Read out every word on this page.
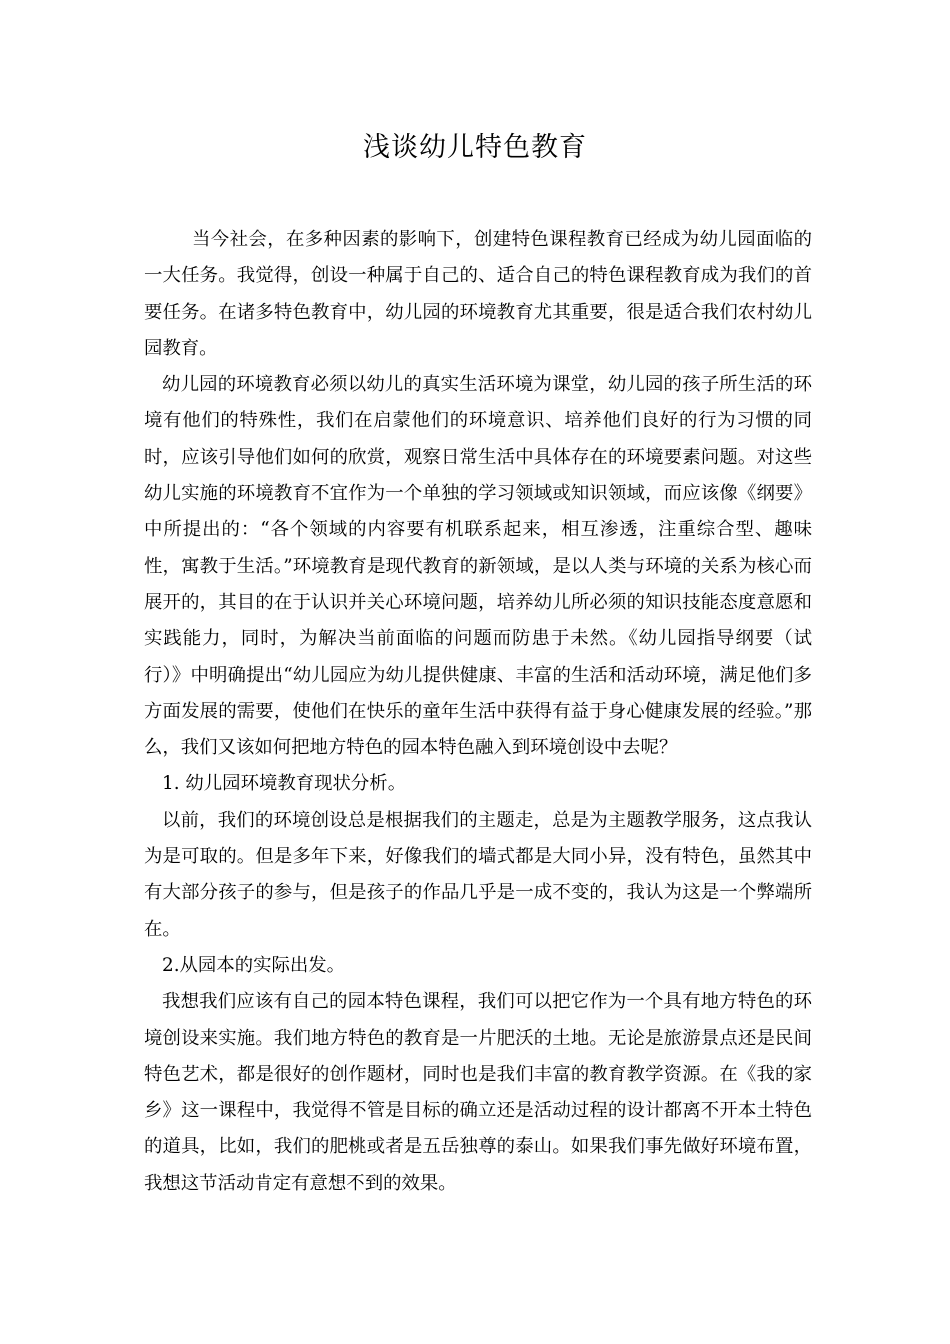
浅谈幼儿特色教育

当今社会，在多种因素的影响下，创建特色课程教育已经成为幼儿园面临的一大任务。我觉得，创设一种属于自己的、适合自己的特色课程教育成为我们的首要任务。在诸多特色教育中，幼儿园的环境教育尤其重要，很是适合我们农村幼儿园教育。

幼儿园的环境教育必须以幼儿的真实生活环境为课堂，幼儿园的孩子所生活的环境有他们的特殊性，我们在启蒙他们的环境意识、培养他们良好的行为习惯的同时，应该引导他们如何的欣赏，观察日常生活中具体存在的环境要素问题。对这些幼儿实施的环境教育不宜作为一个单独的学习领域或知识领域，而应该像《纲要》中所提出的：“各个领域的内容要有机联系起来，相互渗透，注重综合型、趣味性，寓教于生活。”环境教育是现代教育的新领域，是以人类与环境的关系为核心而展开的，其目的在于认识并关心环境问题，培养幼儿所必须的知识技能态度意愿和实践能力，同时，为解决当前面临的问题而防患于未然。《幼儿园指导纲要（试行）》中明确提出“幼儿园应为幼儿提供健康、丰富的生活和活动环境，满足他们多方面发展的需要，使他们在快乐的童年生活中获得有益于身心健康发展的经验。”那么，我们又该如何把地方特色的园本特色融入到环境创设中去呢？

1. 幼儿园环境教育现状分析。

以前，我们的环境创设总是根据我们的主题走，总是为主题教学服务，这点我认为是可取的。但是多年下来，好像我们的墙式都是大同小异，没有特色，虽然其中有大部分孩子的参与，但是孩子的作品几乎是一成不变的，我认为这是一个弊端所在。

2.从园本的实际出发。

我想我们应该有自己的园本特色课程，我们可以把它作为一个具有地方特色的环境创设来实施。我们地方特色的教育是一片肥沃的土地。无论是旅游景点还是民间特色艺术，都是很好的创作题材，同时也是我们丰富的教育教学资源。在《我的家乡》这一课程中，我觉得不管是目标的确立还是活动过程的设计都离不开本土特色的道具，比如，我们的肥桃或者是五岳独尊的泰山。如果我们事先做好环境布置，我想这节活动肯定有意想不到的效果。
